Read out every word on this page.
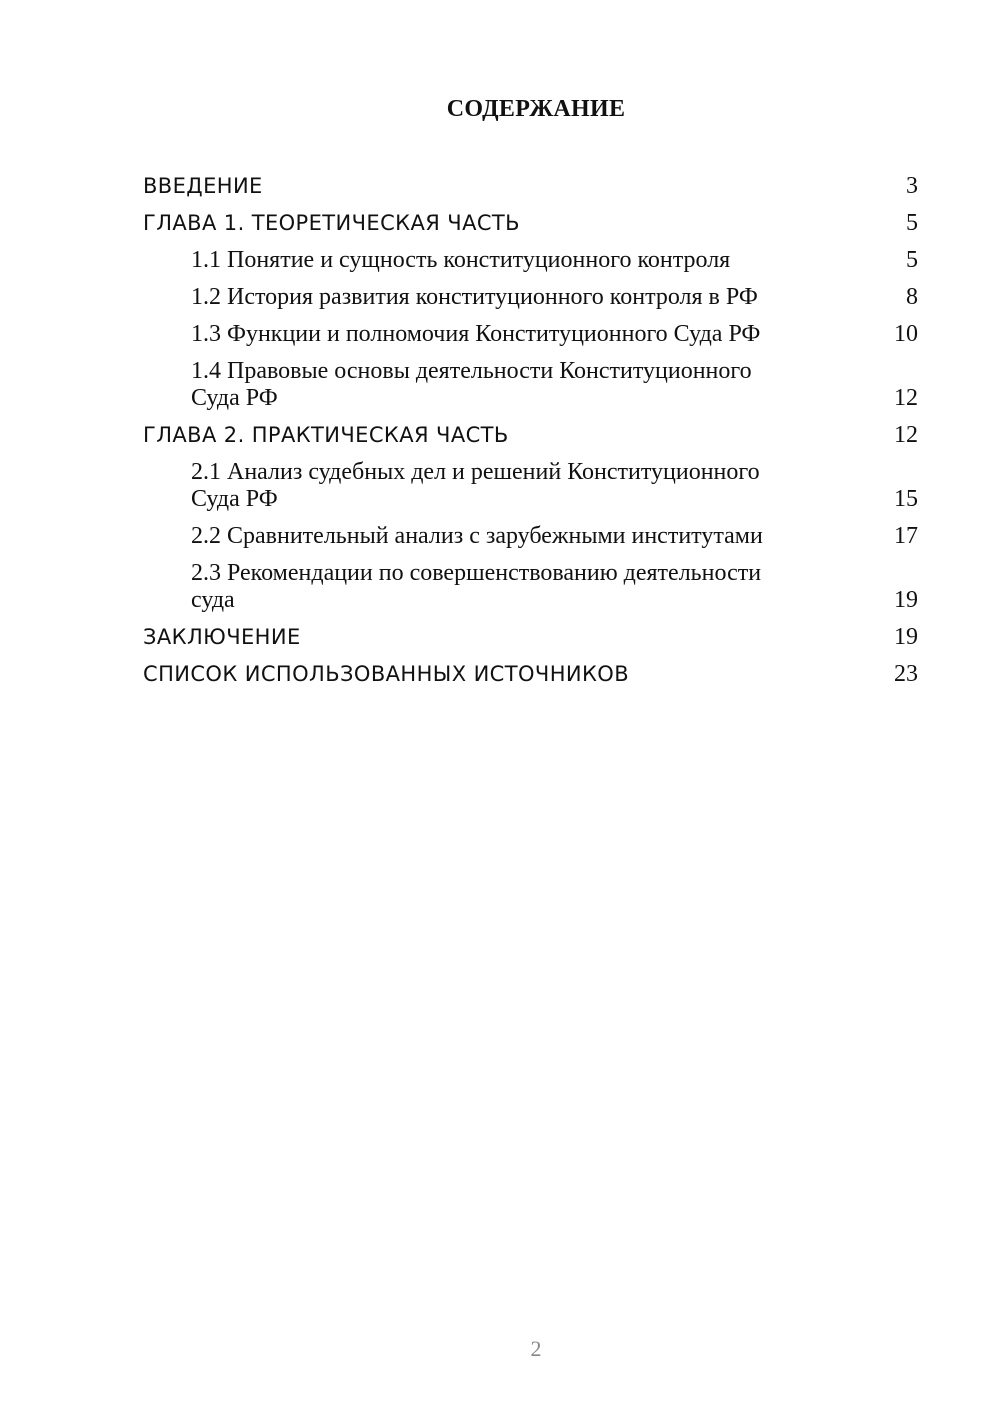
СОДЕРЖАНИЕ
ВВЕДЕНИЕ	3
ГЛАВА 1. ТЕОРЕТИЧЕСКАЯ ЧАСТЬ	5
1.1 Понятие и сущность конституционного контроля	5
1.2 История развития конституционного контроля в РФ	8
1.3 Функции и полномочия Конституционного Суда РФ	10
1.4 Правовые основы деятельности Конституционного Суда РФ	12
ГЛАВА 2. ПРАКТИЧЕСКАЯ ЧАСТЬ	12
2.1 Анализ судебных дел и решений Конституционного Суда РФ	15
2.2 Сравнительный анализ с зарубежными институтами	17
2.3 Рекомендации по совершенствованию деятельности суда	19
ЗАКЛЮЧЕНИЕ	19
СПИСОК ИСПОЛЬЗОВАННЫХ ИСТОЧНИКОВ	23
2
